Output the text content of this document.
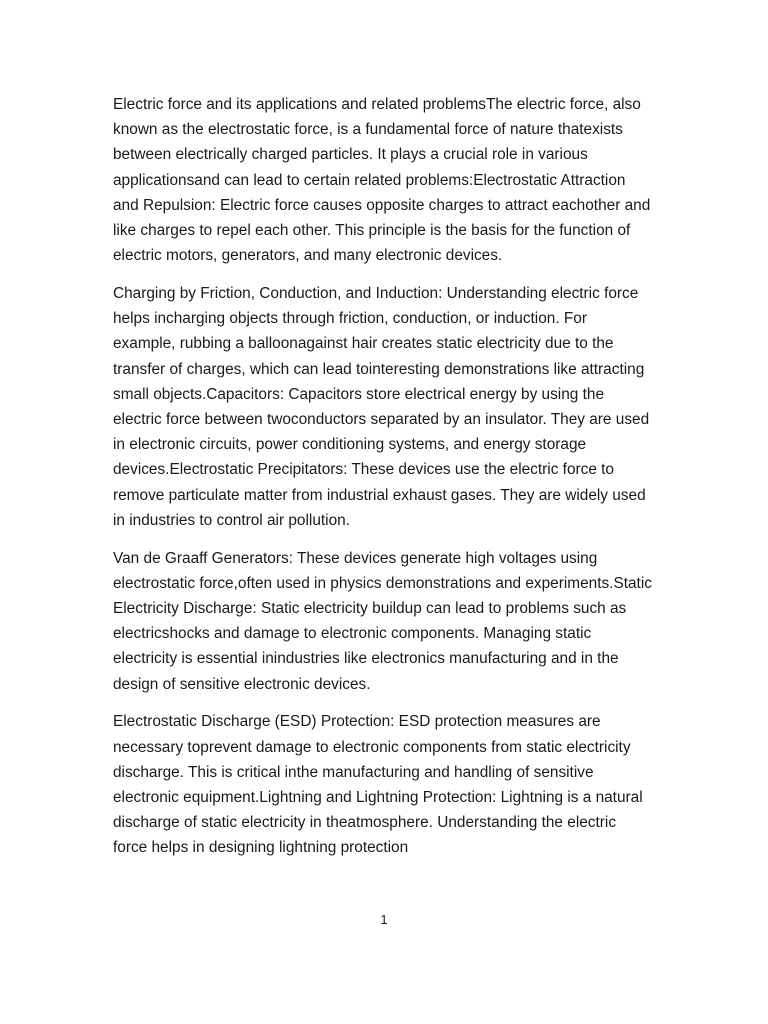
Electric force and its applications and related problemsThe electric force, also known as the electrostatic force, is a fundamental force of nature thatexists between electrically charged particles. It plays a crucial role in various applicationsand can lead to certain related problems:Electrostatic Attraction and Repulsion: Electric force causes opposite charges to attract eachother and like charges to repel each other. This principle is the basis for the function of electric motors, generators, and many electronic devices.

Charging by Friction, Conduction, and Induction: Understanding electric force helps incharging objects through friction, conduction, or induction. For example, rubbing a balloonagainst hair creates static electricity due to the transfer of charges, which can lead tointeresting demonstrations like attracting small objects.Capacitors: Capacitors store electrical energy by using the electric force between twoconductors separated by an insulator. They are used in electronic circuits, power conditioning systems, and energy storage devices.Electrostatic Precipitators: These devices use the electric force to remove particulate matter from industrial exhaust gases. They are widely used in industries to control air pollution.

Van de Graaff Generators: These devices generate high voltages using electrostatic force,often used in physics demonstrations and experiments.Static Electricity Discharge: Static electricity buildup can lead to problems such as electricshocks and damage to electronic components. Managing static electricity is essential inindustries like electronics manufacturing and in the design of sensitive electronic devices.

Electrostatic Discharge (ESD) Protection: ESD protection measures are necessary toprevent damage to electronic components from static electricity discharge. This is critical inthe manufacturing and handling of sensitive electronic equipment.Lightning and Lightning Protection: Lightning is a natural discharge of static electricity in theatmosphere. Understanding the electric force helps in designing lightning protection

1
